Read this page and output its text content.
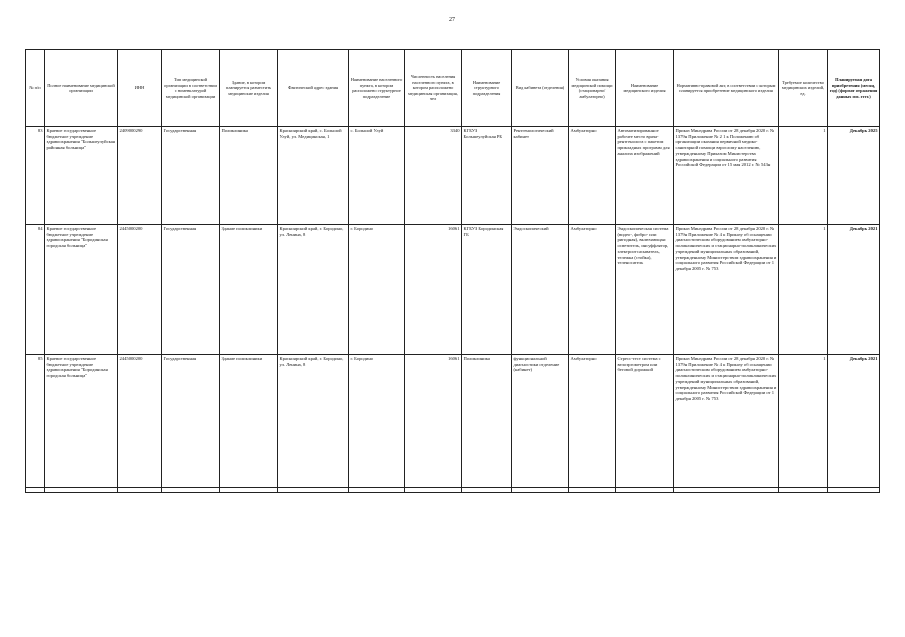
27
№ п/п	Полное наименование медицинской организации	ИНН	Тип медицинской организации в соответствии с номенклатурой медицинской организации	Здание, в котором планируется разместить медицинские изделия	Фактический адрес здания	Наименование населенного пункта, в котором расположено структурное подразделение	Численность населения населенного пункта, в котором расположено медицинская организация, чел	Наименование структурного подразделения	Вид кабинета (отделения)	Условия оказания медицинской помощи (стационарно/ амбулаторно)	Наименование медицинского изделия	Нормативно-правовой акт, в соответствии с которым планируется приобретение медицинского изделия	Требуемое количество медицинских изделий, ед.	Планируемая дата приобретения (месяц, год) (формат отражения данных мм. гггг.)
83	Краевое государственное бюджетное учреждение здравоохранения "Большеулуйская районная больница"	2409000290	Государственная	Поликлиника	Красноярский край, с. Большой Улуй, ул. Медицинская, 1	с. Большой Улуй	3340	КГБУЗ Большеулуйская РБ	Рентгенологический кабинет	Амбулаторно	Автоматизированное рабочее место врача-рентгенолога с пакетом прикладных программ для анализа изображений	Приказ Минздрава России от 28 декабря 2020 г. № 1379н Приложение № 2 1 к Положению об организации оказания первичной медико-санитарной помощи взрослому населению, утвержденному Приказом Министерства здравоохранения и социального развития Российской Федерации от 15 мая 2012 г. № 543н	1	Декабрь 2025
84	Краевое государственное бюджетное учреждение здравоохранения "Бородинская городская больница"	2445000200	Государственная	Здание поликлиники	Красноярский край, г. Бородино, ул. Ленина, 8	г. Бородино	16061	КГБУЗ Бородинская ГБ	Эндоскопический	Амбулаторно	Эндоскопическая система (видео-, фибро- или ригидная), включающая: осветитель, инсуффлятор, электроотсасыватель, тележка (стойка), теленосатель	Приказ Минздрава России от 28 декабря 2020 г. № 1379н Приложение № 4 к Приказу об оснащении диагностическим оборудованием амбулаторно-поликлинических и стационарно-поликлинических учреждений муниципальных образований, утвержденному Министерством здравоохранения и социального развития Российской Федерации от 1 декабря 2005 г. № 753	1	Декабрь 2021
85	Краевое государственное бюджетное учреждение здравоохранения "Бородинская городская больница"	2445000200	Государственная	Здание поликлиники	Красноярский край, г. Бородино, ул. Ленина, 8	г. Бородино	16061	Поликлиника	функциональной диагностики отделение (кабинет)	Амбулаторно	Стресс-тест система с велоэргометром или беговой дорожкой	Приказ Минздрава России от 28 декабря 2020 г. № 1379н Приложение № 4 к Приказу об оснащении диагностическим оборудованием амбулаторно-поликлинических и стационарно-поликлинических учреждений муниципальных образований, утвержденному Министерством здравоохранения и социального развития Российской Федерации от 1 декабря 2005 г. № 753	1	Декабрь 2021
